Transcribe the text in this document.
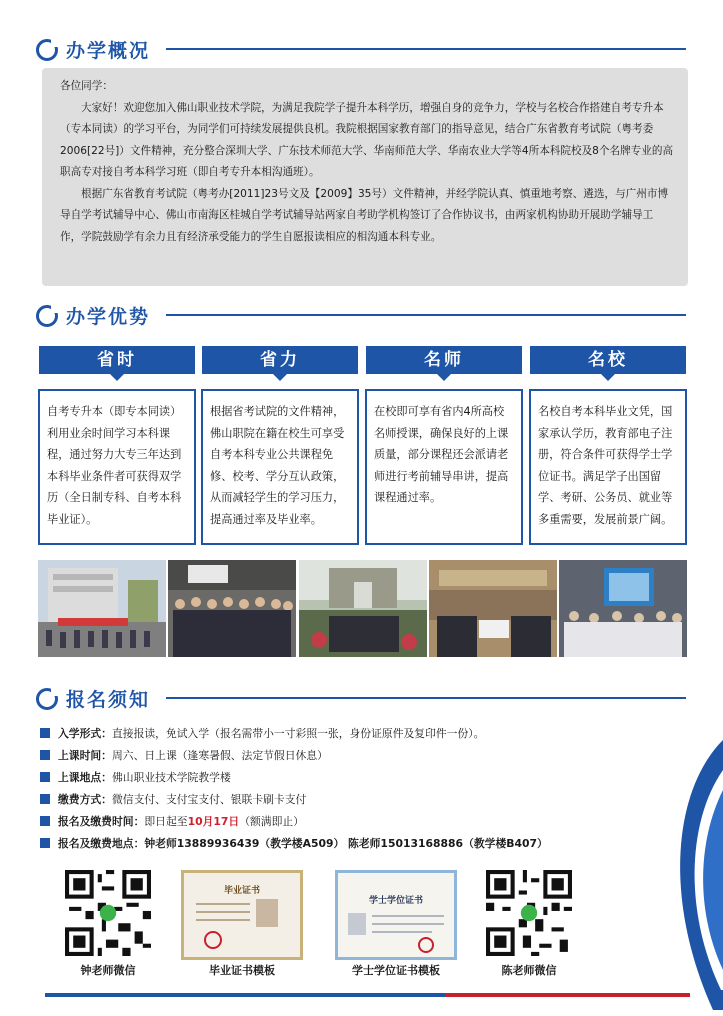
办学概况

各位同学：

大家好！欢迎您加入佛山职业技术学院，为满足我院学子提升本科学历，增强自身的竞争力，学校与名校合作搭建自考专升本（专本同读）的学习平台，为同学们可持续发展提供良机。我院根据国家教育部门的指导意见，结合广东省教育考试院（粤考委2006[22号]）文件精神，充分整合深圳大学、广东技术师范大学、华南师范大学、华南农业大学等4所本科院校及8个名牌专业的高职高专对接自考本科学习班（即自考专升本相沟通班）。

根据广东省教育考试院（粤考办[2011]23号文及【2009】35号）文件精神，并经学院认真、慎重地考察、遴选，与广州市博导自学考试辅导中心、佛山市南海区桂城自学考试辅导站两家自考助学机构签订了合作协议书，由两家机构协助开展助学辅导工作，学院鼓励学有余力且有经济承受能力的学生自愿报读相应的相沟通本科专业。

办学优势
省时	省力	名师	名校
自考专升本（即专本同读）利用业余时间学习本科课程，通过努力大专三年达到本科毕业条件者可获得双学历（全日制专科、自考本科毕业证）。
根据省考试院的文件精神，佛山职院在籍在校生可享受自考本科专业公共课程免修、校考、学分互认政策，从而减轻学生的学习压力，提高通过率及毕业率。
在校即可享有省内4所高校名师授课，确保良好的上课质量，部分课程还会派请老师进行考前辅导串讲，提高课程通过率。
名校自考本科毕业文凭，国家承认学历，教育部电子注册，符合条件可获得学士学位证书。满足学子出国留学、考研、公务员、就业等多重需要，发展前景广阔。
报名须知
入学形式：直接报读，免试入学（报名需带小一寸彩照一张，身份证原件及复印件一份）。
上课时间：周六、日上课（逢寒暑假、法定节假日休息）
上课地点：佛山职业技术学院教学楼
缴费方式：微信支付、支付宝支付、银联卡刷卡支付
报名及缴费时间：即日起至10月17日（额满即止）
报名及缴费地点：钟老师13889936439（教学楼A509） 陈老师15013168886（教学楼B407）
钟老师微信
毕业证书
毕业证书模板
学士学位证书
学士学位证书模板	陈老师微信
